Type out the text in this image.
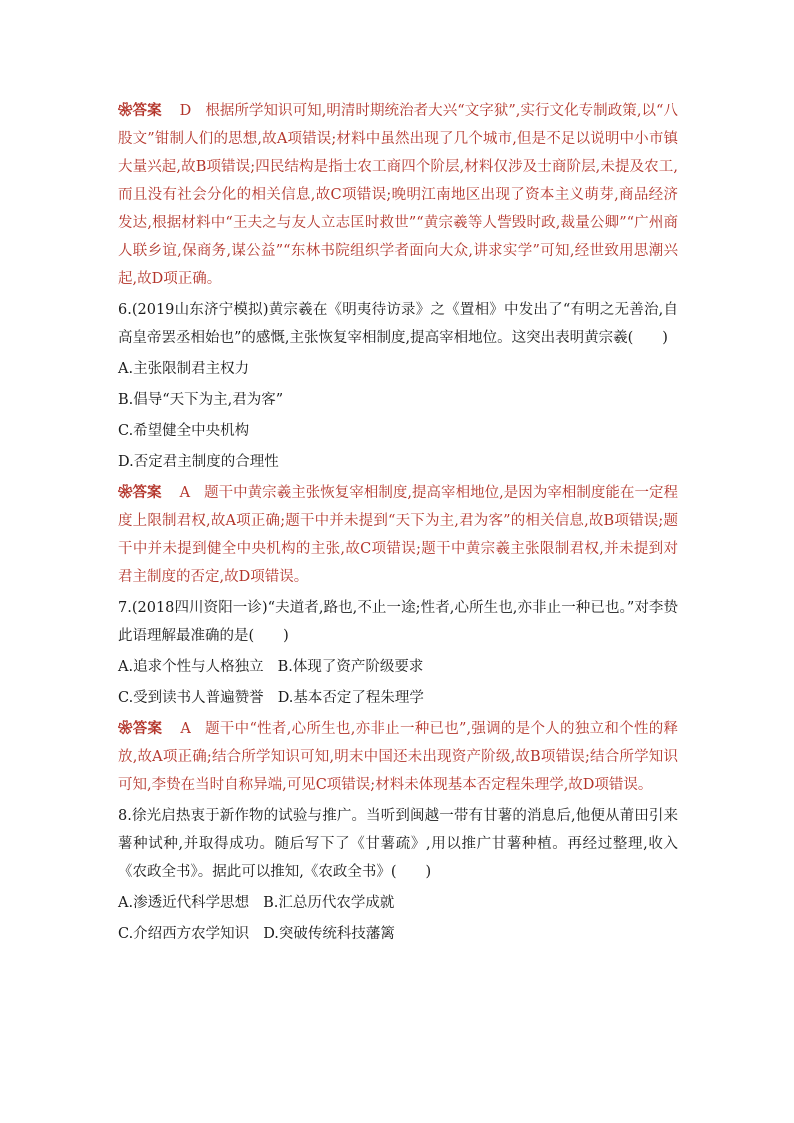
❀答案 D 根据所学知识可知,明清时期统治者大兴“文字狱”,实行文化专制政策,以“八股文”钳制人们的思想,故A项错误;材料中虽然出现了几个城市,但是不足以说明中小市镇大量兴起,故B项错误;四民结构是指士农工商四个阶层,材料仅涉及士商阶层,未提及农工,而且没有社会分化的相关信息,故C项错误;晚明江南地区出现了资本主义萌芽,商品经济发达,根据材料中“王夫之与友人立志匡时救世”“黄宗羲等人訾毁时政,裁量公卿”“广州商人联乡谊,保商务,谋公益”“东林书院组织学者面向大众,讲求实学”可知,经世致用思潮兴起,故D项正确。

6.(2019山东济宁模拟)黄宗羲在《明夷待访录》之《置相》中发出了“有明之无善治,自高皇帝罢丞相始也”的感慨,主张恢复宰相制度,提高宰相地位。这突出表明黄宗羲(　　)

A.主张限制君主权力

B.倡导“天下为主,君为客”

C.希望健全中央机构

D.否定君主制度的合理性

❀答案 A 题干中黄宗羲主张恢复宰相制度,提高宰相地位,是因为宰相制度能在一定程度上限制君权,故A项正确;题干中并未提到“天下为主,君为客”的相关信息,故B项错误;题干中并未提到健全中央机构的主张,故C项错误;题干中黄宗羲主张限制君权,并未提到对君主制度的否定,故D项错误。

7.(2018四川资阳一诊)“夫道者,路也,不止一途;性者,心所生也,亦非止一种已也。”对李贽此语理解最准确的是(　　)

A.追求个性与人格独立 B.体现了资产阶级要求

C.受到读书人普遍赞誉 D.基本否定了程朱理学

❀答案 A 题干中“性者,心所生也,亦非止一种已也”,强调的是个人的独立和个性的释放,故A项正确;结合所学知识可知,明末中国还未出现资产阶级,故B项错误;结合所学知识可知,李贽在当时自称异端,可见C项错误;材料未体现基本否定程朱理学,故D项错误。

8.徐光启热衷于新作物的试验与推广。当听到闽越一带有甘薯的消息后,他便从莆田引来薯种试种,并取得成功。随后写下了《甘薯疏》,用以推广甘薯种植。再经过整理,收入《农政全书》。据此可以推知,《农政全书》(　　)

A.渗透近代科学思想 B.汇总历代农学成就

C.介绍西方农学知识 D.突破传统科技藩篱
